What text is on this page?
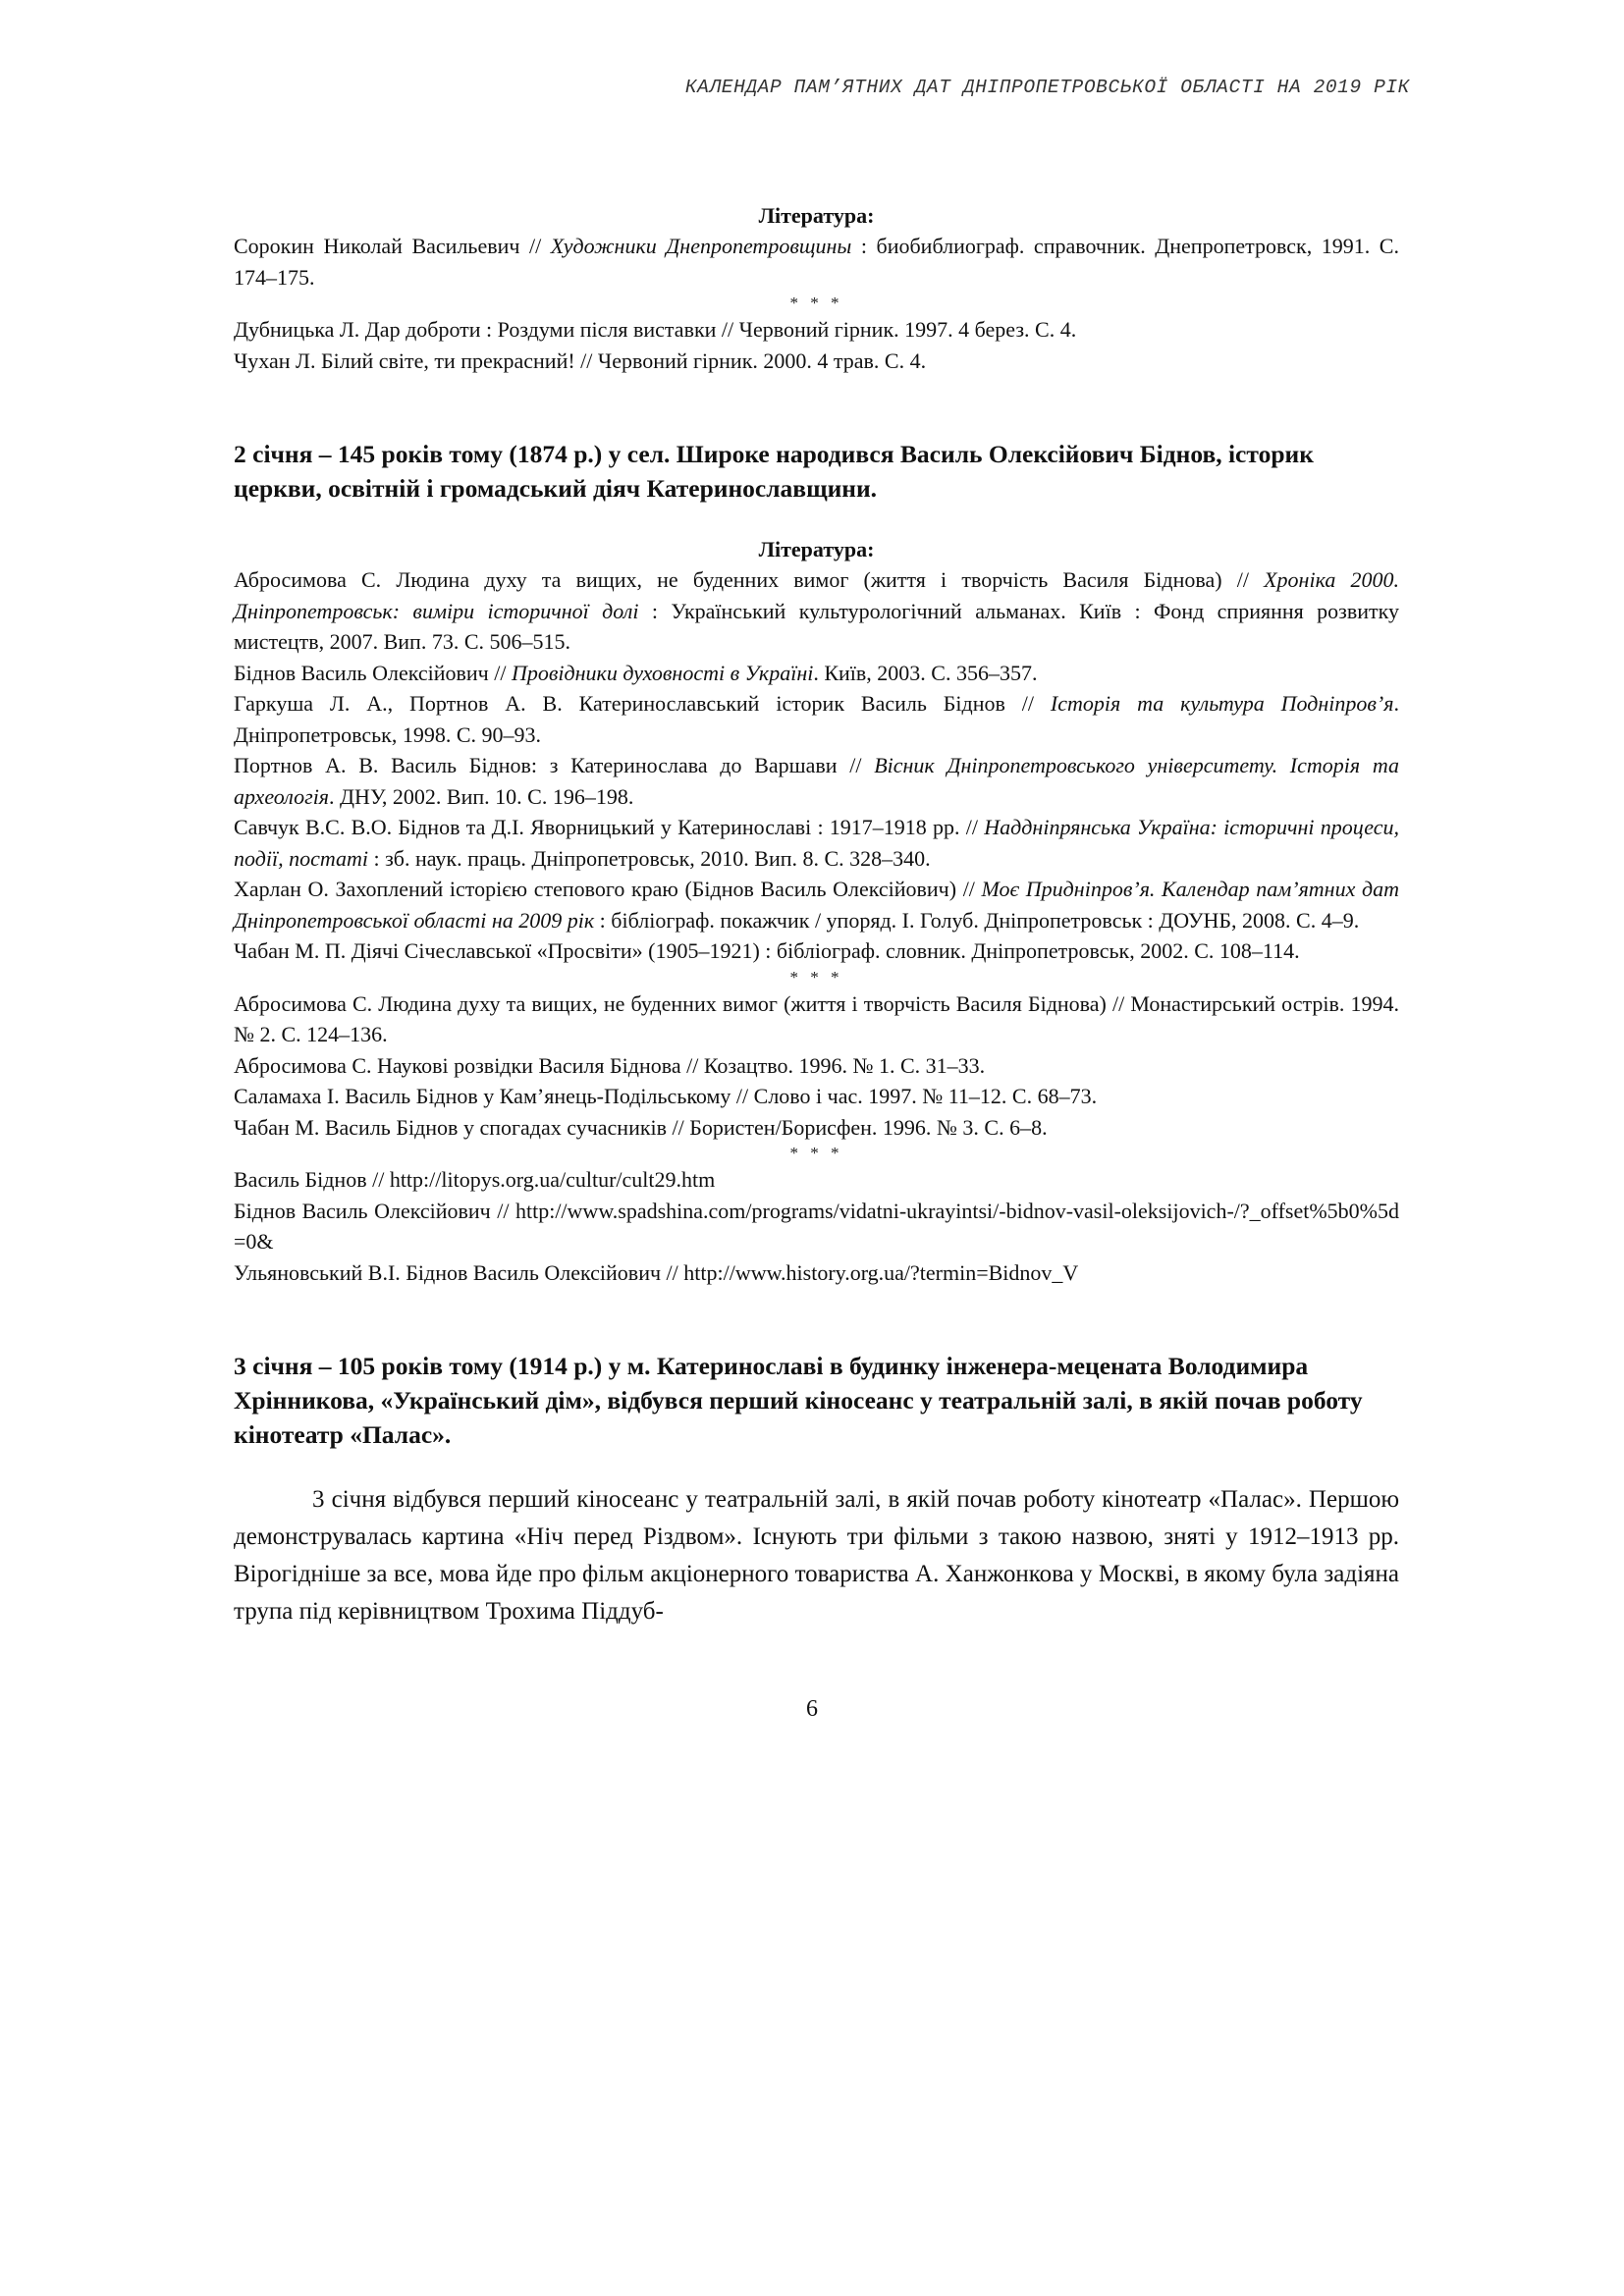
КАЛЕНДАР ПАМ’ЯТНИХ ДАТ ДНІПРОПЕТРОВСЬКОЇ ОБЛАСТІ НА 2019 РІК

Література:

Сорокин Николай Васильевич // Художники Днепропетровщины : биобиблиограф. справочник. Днепропетровск, 1991. С. 174–175.

* * *

Дубницька Л. Дар доброти : Роздуми після виставки // Червоний гірник. 1997. 4 берез. С. 4.

Чухан Л. Білий світе, ти прекрасний! // Червоний гірник. 2000. 4 трав. С. 4.

2 січня – 145 років тому (1874 р.) у сел. Широке народився Василь Олексійович Біднов, історик церкви, освітній і громадський діяч Катеринославщини.

Література:

Абросимова С. Людина духу та вищих, не буденних вимог (життя і творчість Василя Біднова) // Хроніка 2000. Дніпропетровськ: виміри історичної долі : Український культурологічний альманах. Київ : Фонд сприяння розвитку мистецтв, 2007. Вип. 73. С. 506–515.

Біднов Василь Олексійович // Провідники духовності в Україні. Київ, 2003. С. 356–357.

Гаркуша Л. А., Портнов А. В. Катеринославський історик Василь Біднов // Історія та культура Подніпров’я. Дніпропетровськ, 1998. С. 90–93.

Портнов А. В. Василь Біднов: з Катеринослава до Варшави // Вісник Дніпропетровського університету. Історія та археологія. ДНУ, 2002. Вип. 10. С. 196–198.

Савчук В.С. В.О. Біднов та Д.І. Яворницький у Катеринославі : 1917–1918 рр. // Наддніпрянська Україна: історичні процеси, події, постаті : зб. наук. праць. Дніпропетровськ, 2010. Вип. 8. С. 328–340.

Харлан О. Захоплений історією степового краю (Біднов Василь Олексійович) // Моє Придніпров’я. Календар пам’ятних дат Дніпропетровської області на 2009 рік : бібліограф. покажчик / упоряд. І. Голуб. Дніпропетровськ : ДОУНБ, 2008. С. 4–9.

Чабан М. П. Діячі Січеславської «Просвіти» (1905–1921) : бібліограф. словник. Дніпропетровськ, 2002. С. 108–114.

* * *

Абросимова С. Людина духу та вищих, не буденних вимог (життя і творчість Василя Біднова) // Монастирський острів. 1994. № 2. С. 124–136.

Абросимова С. Наукові розвідки Василя Біднова // Козацтво. 1996. № 1. С. 31–33.

Саламаха І. Василь Біднов у Кам’янець-Подільському // Слово і час. 1997. № 11–12. С. 68–73.

Чабан М. Василь Біднов у спогадах сучасників // Бористен/Борисфен. 1996. № 3. С. 6–8.

* * *

Василь Біднов // http://litopys.org.ua/cultur/cult29.htm

Біднов Василь Олексійович // http://www.spadshina.com/programs/vidatni-ukrayintsi/-bidnov-vasil-oleksijovich-/?_offset%5b0%5d=0&

Ульяновський В.І. Біднов Василь Олексійович // http://www.history.org.ua/?termin=Bidnov_V

3 січня – 105 років тому (1914 р.) у м. Катеринославі в будинку інженера-мецената Володимира Хрінникова, «Український дім», відбувся перший кіносеанс у театральній залі, в якій почав роботу кінотеатр «Палас».

3 січня відбувся перший кіносеанс у театральній залі, в якій почав роботу кінотеатр «Палас». Першою демонструвалась картина «Ніч перед Різдвом». Існують три фільми з такою назвою, зняті у 1912–1913 рр. Вірогідніше за все, мова йде про фільм акціонерного товариства А. Ханжонкова у Москві, в якому була задіяна трупа під керівництвом Трохима Піддуб-

6
